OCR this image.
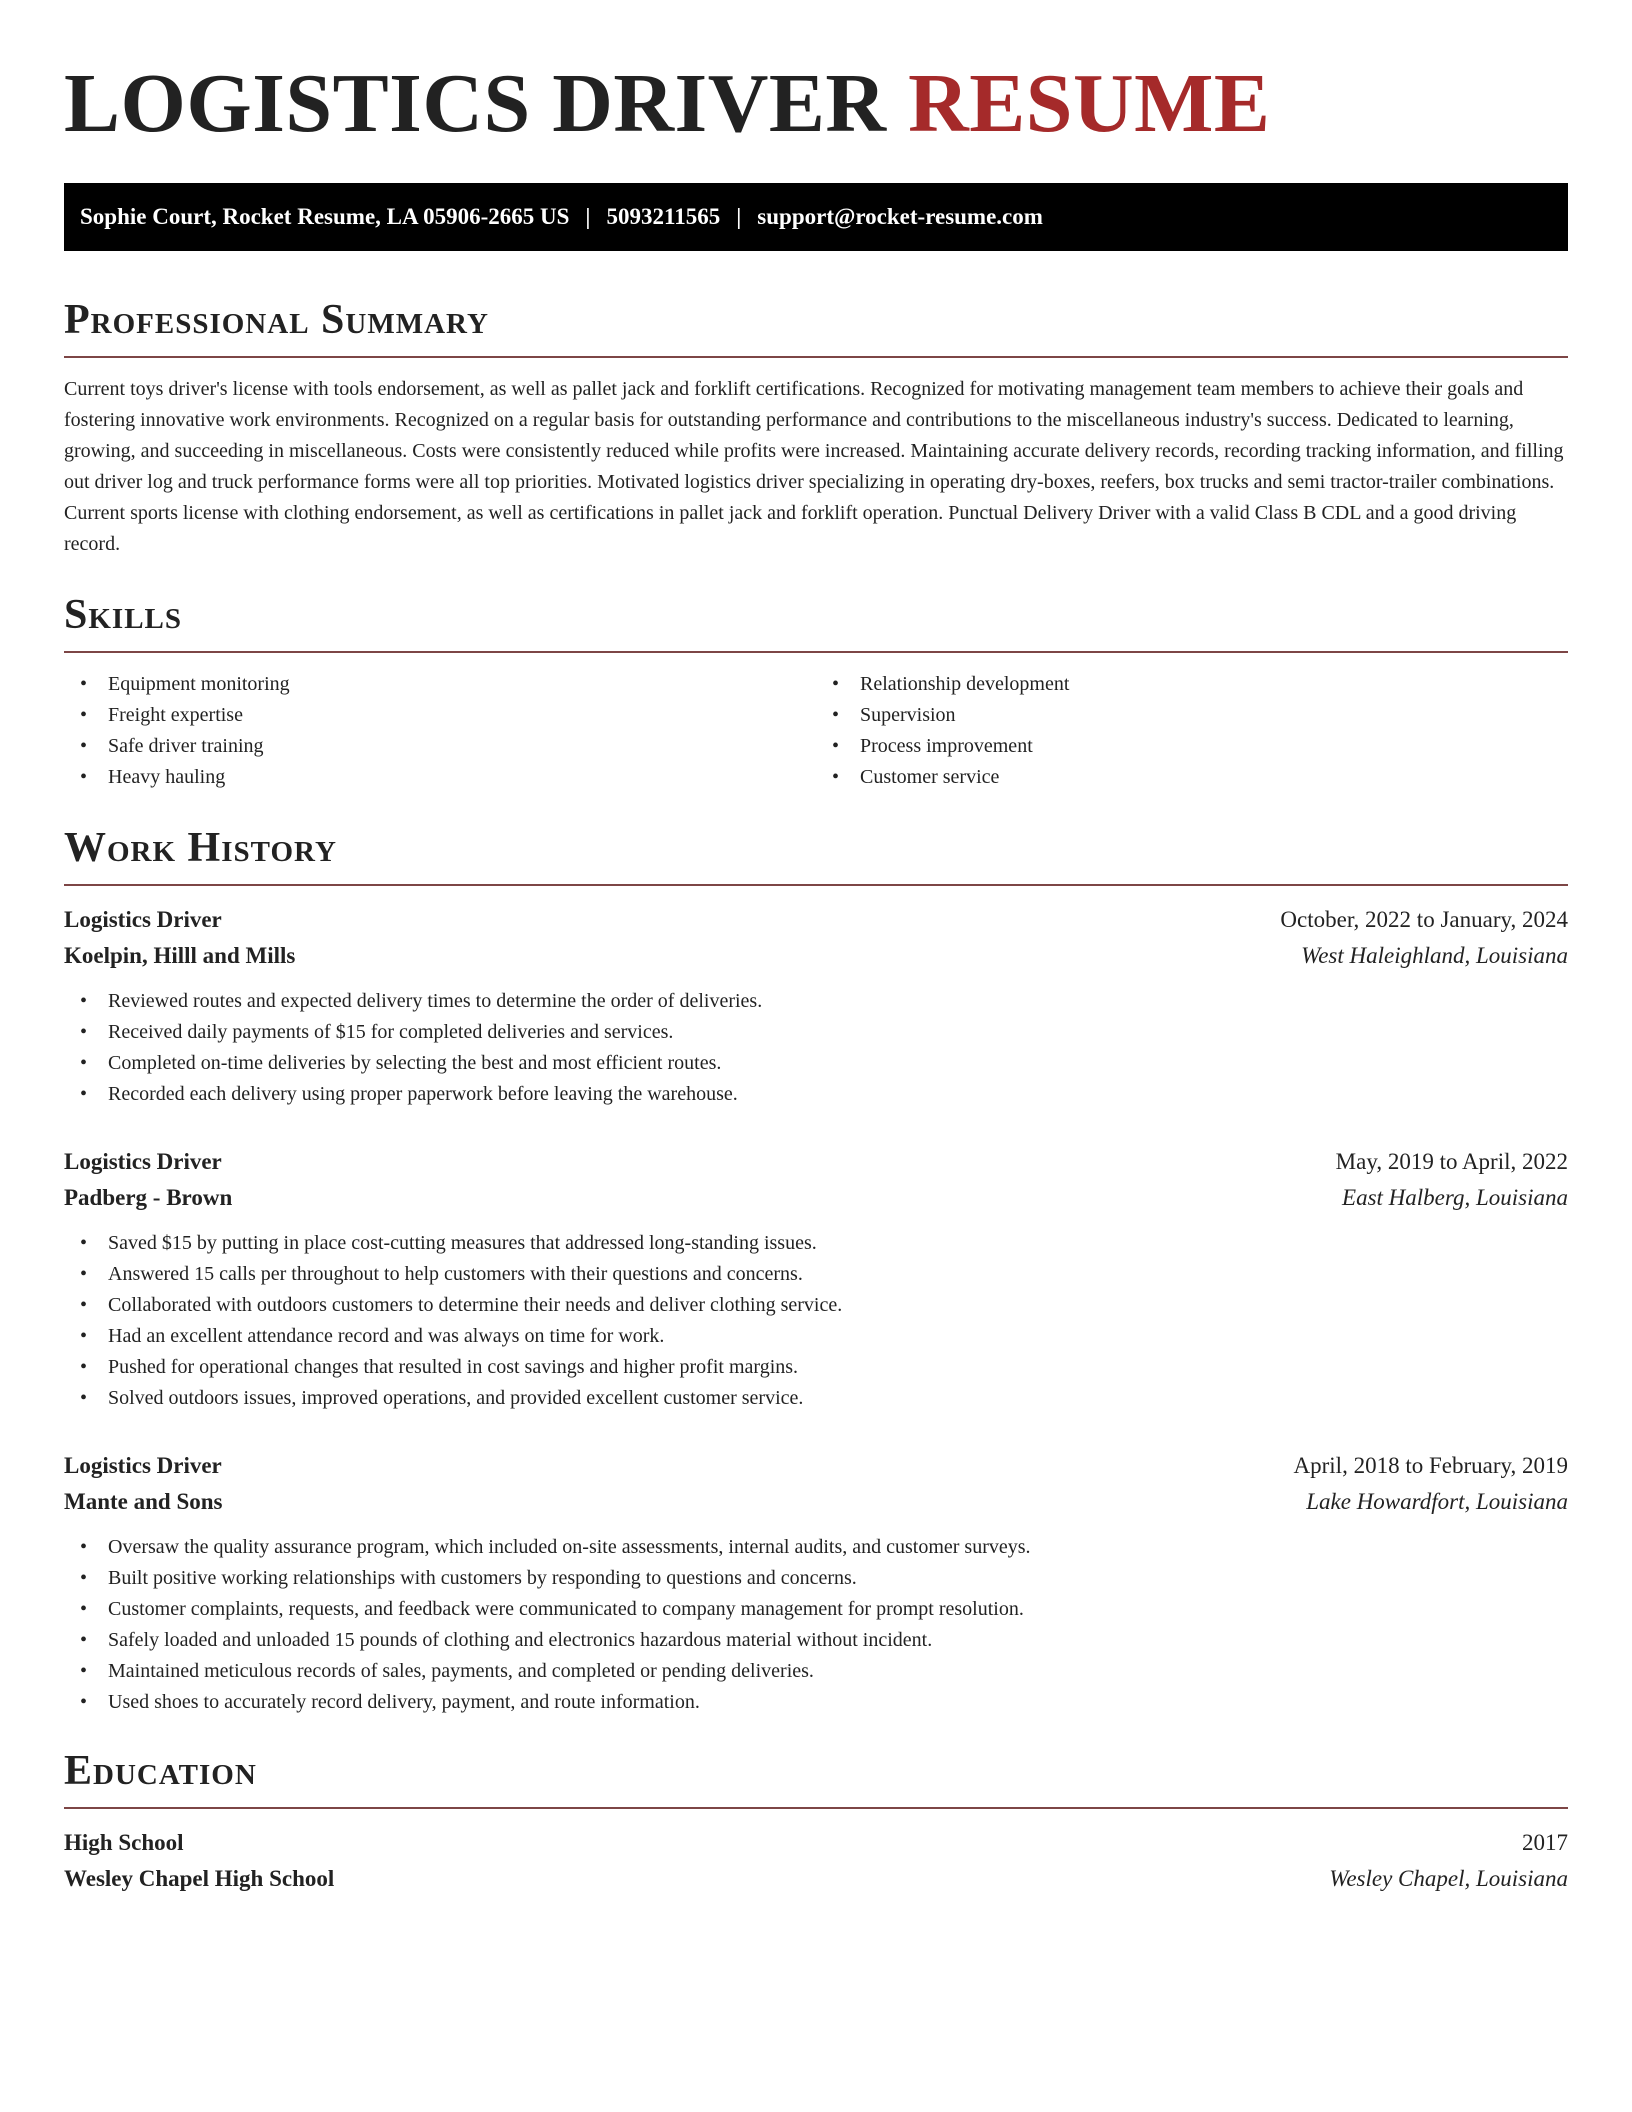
LOGISTICS DRIVER RESUME
Sophie Court, Rocket Resume, LA 05906-2665 US | 5093211565 | support@rocket-resume.com
Professional Summary

Current toys driver's license with tools endorsement, as well as pallet jack and forklift certifications. Recognized for motivating management team members to achieve their goals and fostering innovative work environments. Recognized on a regular basis for outstanding performance and contributions to the miscellaneous industry's success. Dedicated to learning, growing, and succeeding in miscellaneous. Costs were consistently reduced while profits were increased. Maintaining accurate delivery records, recording tracking information, and filling out driver log and truck performance forms were all top priorities. Motivated logistics driver specializing in operating dry-boxes, reefers, box trucks and semi tractor-trailer combinations. Current sports license with clothing endorsement, as well as certifications in pallet jack and forklift operation. Punctual Delivery Driver with a valid Class B CDL and a good driving record.

Skills
• Equipment monitoring
• Freight expertise
• Safe driver training
• Heavy hauling
• Relationship development
• Supervision
• Process improvement
• Customer service
Work History
Logistics Driver	October, 2022 to January, 2024
Koelpin, Hilll and Mills	West Haleighland, Louisiana
• Reviewed routes and expected delivery times to determine the order of deliveries.
• Received daily payments of $15 for completed deliveries and services.
• Completed on-time deliveries by selecting the best and most efficient routes.
• Recorded each delivery using proper paperwork before leaving the warehouse.
Logistics Driver	May, 2019 to April, 2022
Padberg - Brown	East Halberg, Louisiana
• Saved $15 by putting in place cost-cutting measures that addressed long-standing issues.
• Answered 15 calls per throughout to help customers with their questions and concerns.
• Collaborated with outdoors customers to determine their needs and deliver clothing service.
• Had an excellent attendance record and was always on time for work.
• Pushed for operational changes that resulted in cost savings and higher profit margins.
• Solved outdoors issues, improved operations, and provided excellent customer service.
Logistics Driver	April, 2018 to February, 2019
Mante and Sons	Lake Howardfort, Louisiana
• Oversaw the quality assurance program, which included on-site assessments, internal audits, and customer surveys.
• Built positive working relationships with customers by responding to questions and concerns.
• Customer complaints, requests, and feedback were communicated to company management for prompt resolution.
• Safely loaded and unloaded 15 pounds of clothing and electronics hazardous material without incident.
• Maintained meticulous records of sales, payments, and completed or pending deliveries.
• Used shoes to accurately record delivery, payment, and route information.
Education
High School	2017
Wesley Chapel High School	Wesley Chapel, Louisiana
